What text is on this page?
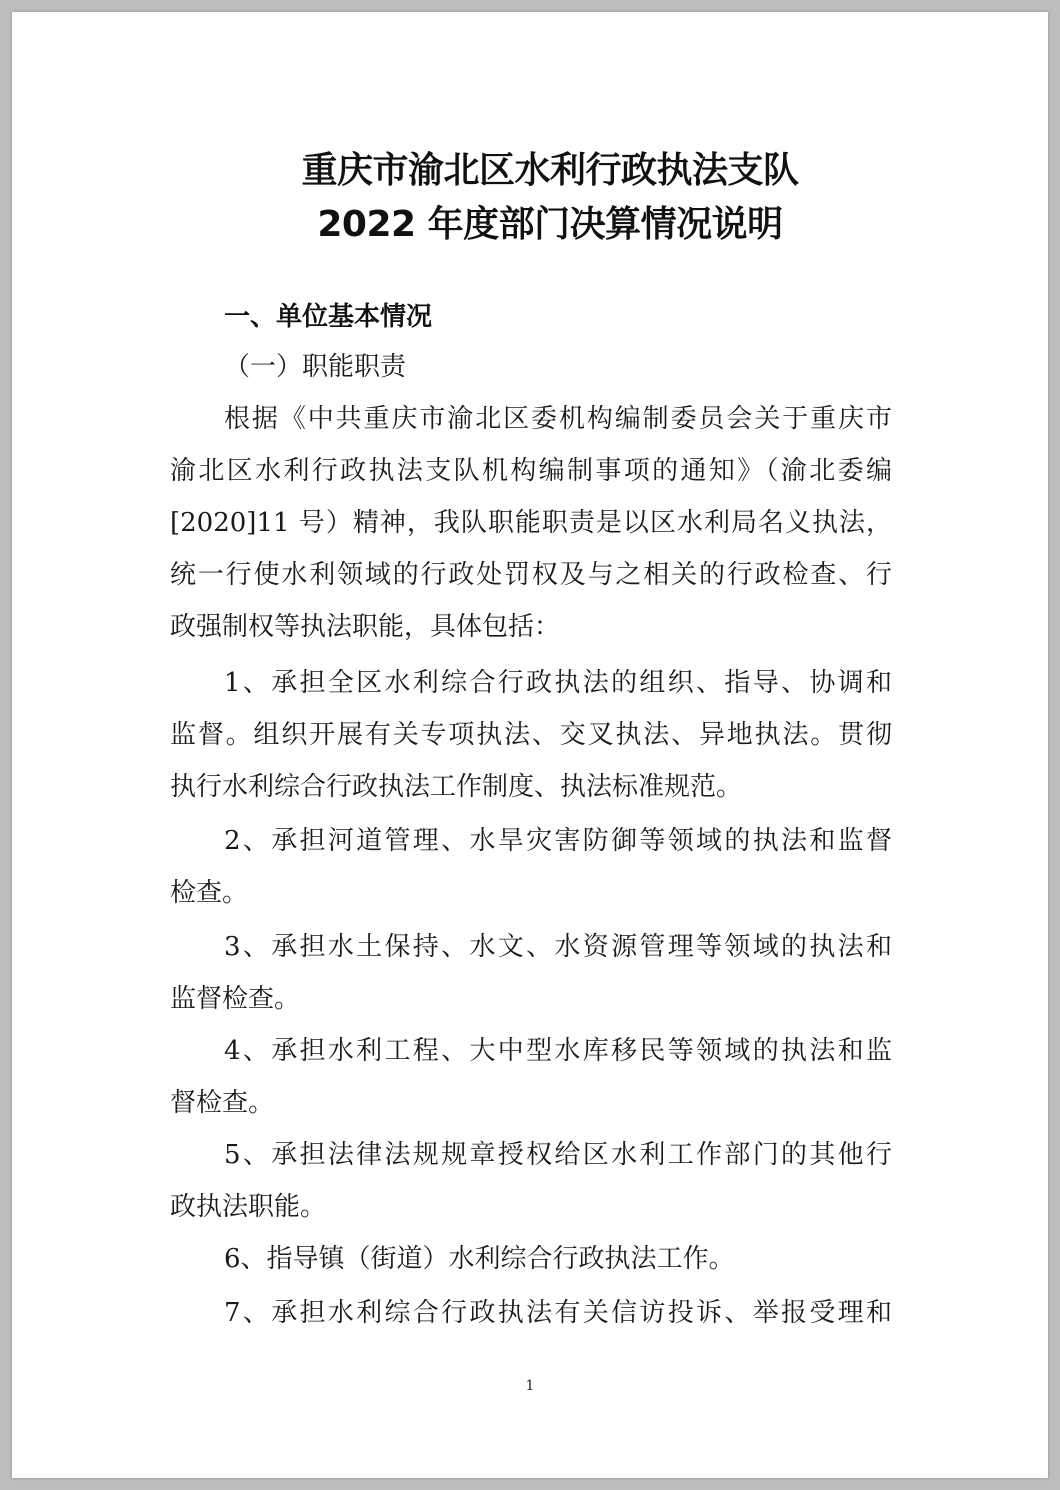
重庆市渝北区水利行政执法支队
2022 年度部门决算情况说明

一、单位基本情况

（一）职能职责

根据《中共重庆市渝北区委机构编制委员会关于重庆市

渝北区水利行政执法支队机构编制事项的通知》（渝北委编

[2020]11 号）精神，我队职能职责是以区水利局名义执法，

统一行使水利领域的行政处罚权及与之相关的行政检查、行

政强制权等执法职能，具体包括：

1、承担全区水利综合行政执法的组织、指导、协调和

监督。组织开展有关专项执法、交叉执法、异地执法。贯彻

执行水利综合行政执法工作制度、执法标准规范。

2、承担河道管理、水旱灾害防御等领域的执法和监督

检查。

3、承担水土保持、水文、水资源管理等领域的执法和

监督检查。

4、承担水利工程、大中型水库移民等领域的执法和监

督检查。

5、承担法律法规规章授权给区水利工作部门的其他行

政执法职能。

6、指导镇（街道）水利综合行政执法工作。

7、承担水利综合行政执法有关信访投诉、举报受理和

1
